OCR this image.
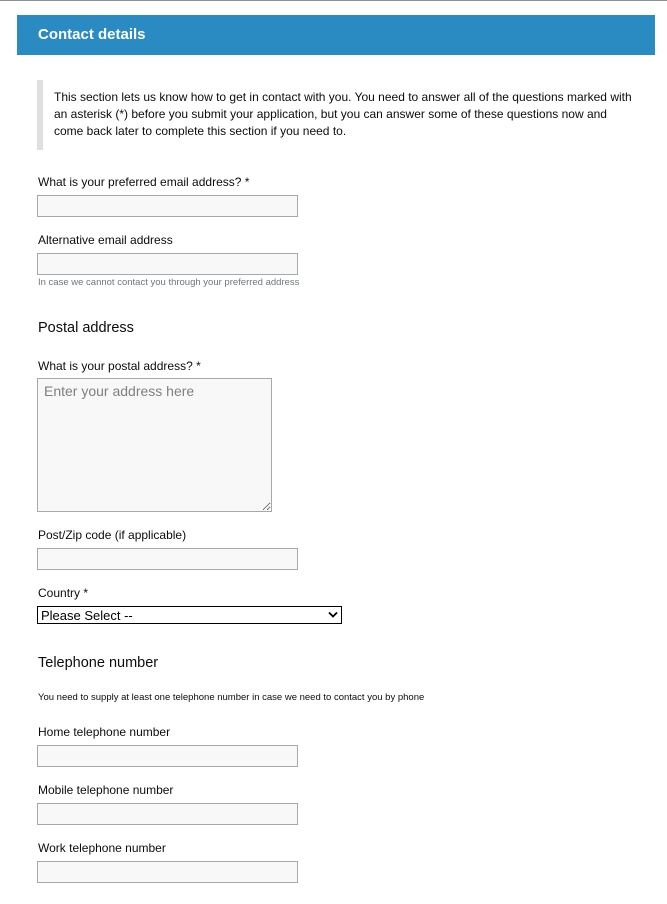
Contact details
This section lets us know how to get in contact with you. You need to answer all of the questions marked with an asterisk (*) before you submit your application, but you can answer some of these questions now and come back later to complete this section if you need to.
What is your preferred email address? *
Alternative email address
In case we cannot contact you through your preferred address
Postal address
What is your postal address? *
Enter your address here
Post/Zip code (if applicable)
Country *
Please Select --
Telephone number
You need to supply at least one telephone number in case we need to contact you by phone
Home telephone number
Mobile telephone number
Work telephone number
